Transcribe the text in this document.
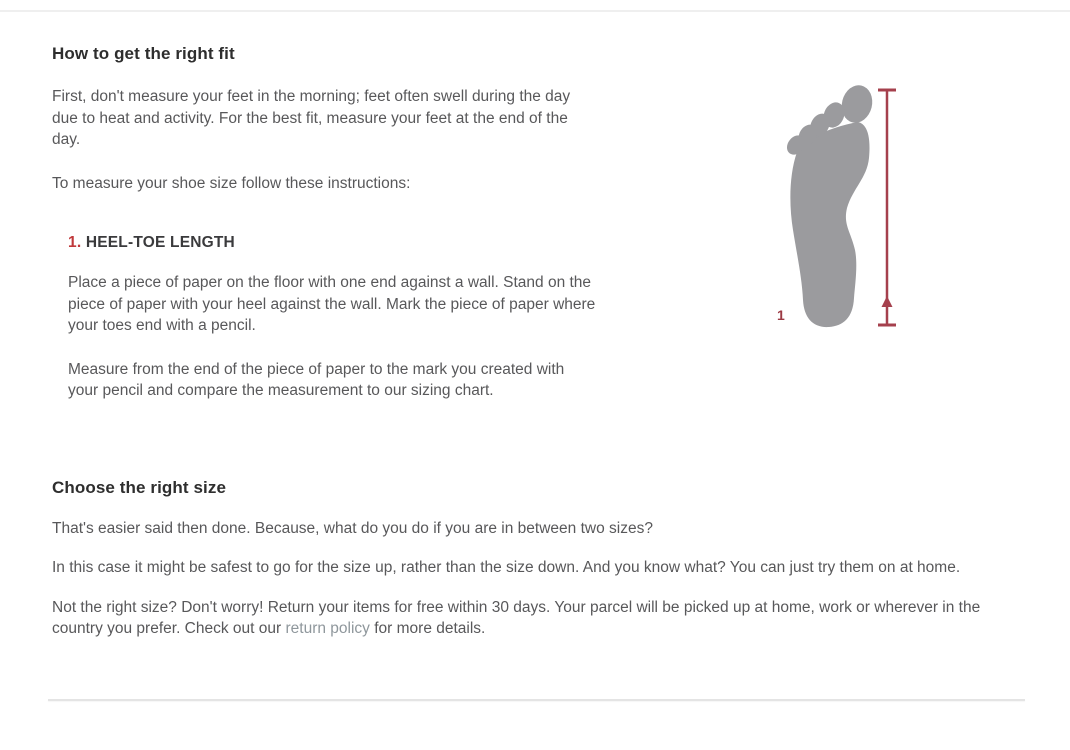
How to get the right fit

First, don't measure your feet in the morning; feet often swell during the day due to heat and activity. For the best fit, measure your feet at the end of the day.

To measure your shoe size follow these instructions:

1. HEEL-TOE LENGTH

Place a piece of paper on the floor with one end against a wall. Stand on the piece of paper with your heel against the wall. Mark the piece of paper where your toes end with a pencil.

Measure from the end of the piece of paper to the mark you created with your pencil and compare the measurement to our sizing chart.

1
Choose the right size

That's easier said then done. Because, what do you do if you are in between two sizes?

In this case it might be safest to go for the size up, rather than the size down. And you know what? You can just try them on at home.

Not the right size? Don't worry! Return your items for free within 30 days. Your parcel will be picked up at home, work or wherever in the country you prefer. Check out our return policy for more details.
